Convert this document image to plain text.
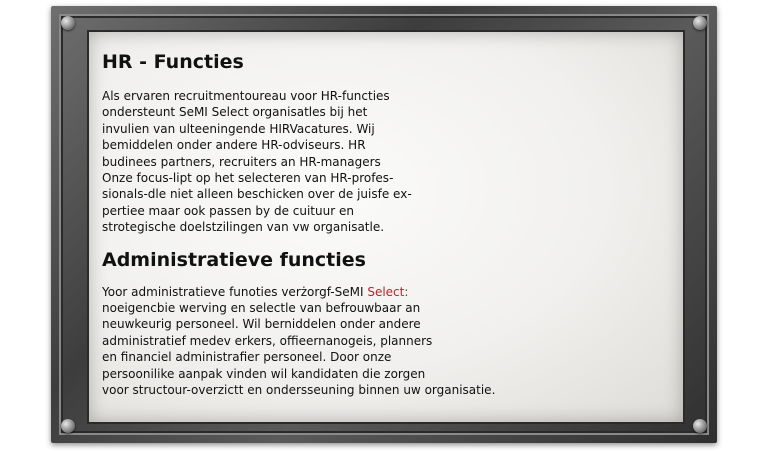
HR - Functies

Als ervaren recruitmentoureau voor HR-functies
ondersteunt SeMI Select organisatles bij het
invulien van ulteeningende HIRVacatures. Wij
bemiddelen onder andere HR-odviseurs. HR
budinees partners, recruiters an HR-managers
Onze focus-lipt op het selecteren van HR-profes-
sionals-dle niet alleen beschicken over de juisfe ex-
pertiee maar ook passen by de cuituur en
strotegische doelstzilingen van vw organisatle.

Administratieve functies

Yoor administratieve funoties verżorgf-SeMI Select:
noeigencbie werving en selectle van befrouwbaar an
neuwkeurig personeel. Wil berniddelen onder andere
administratief medev erkers, offieernanogeis, planners
en financiel administrafier personeel. Door onze
persoonilike aanpak vinden wil kandidaten die zorgen
voor structour-overzictt en ondersseuning binnen uw organisatie.
